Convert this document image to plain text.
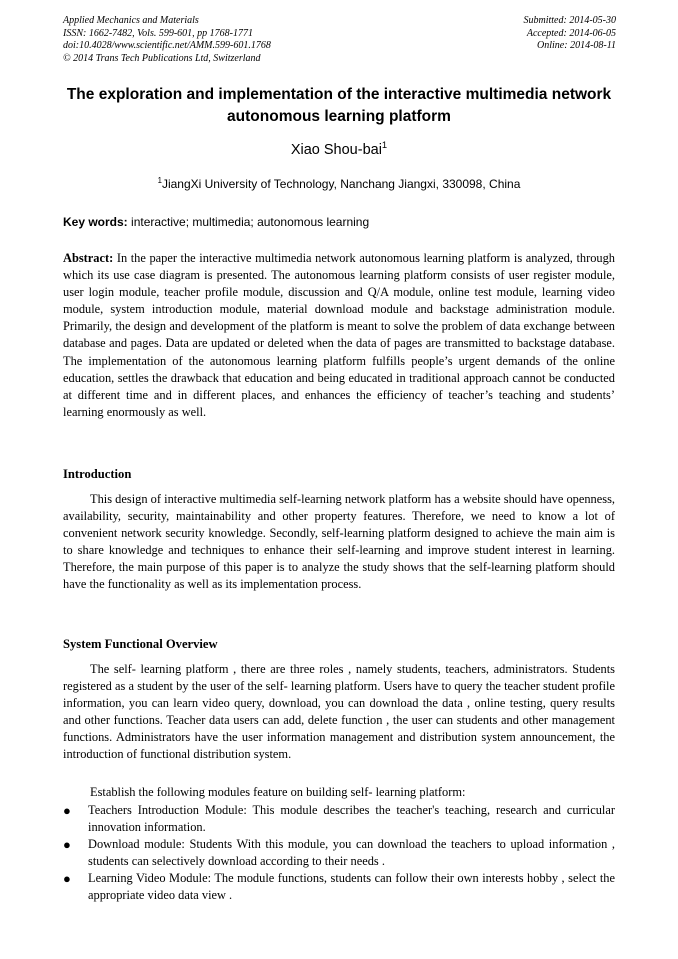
Applied Mechanics and Materials
ISSN: 1662-7482, Vols. 599-601, pp 1768-1771
doi:10.4028/www.scientific.net/AMM.599-601.1768
© 2014 Trans Tech Publications Ltd, Switzerland
Submitted: 2014-05-30
Accepted: 2014-06-05
Online: 2014-08-11
The exploration and implementation of the interactive multimedia network autonomous learning platform
Xiao Shou-bai$^1$
$^1$JiangXi University of Technology, Nanchang Jiangxi, 330098, China
Key words: interactive; multimedia; autonomous learning
Abstract: In the paper the interactive multimedia network autonomous learning platform is analyzed, through which its use case diagram is presented. The autonomous learning platform consists of user register module, user login module, teacher profile module, discussion and Q/A module, online test module, learning video module, system introduction module, material download module and backstage administration module. Primarily, the design and development of the platform is meant to solve the problem of data exchange between database and pages. Data are updated or deleted when the data of pages are transmitted to backstage database. The implementation of the autonomous learning platform fulfills people’s urgent demands of the online education, settles the drawback that education and being educated in traditional approach cannot be conducted at different time and in different places, and enhances the efficiency of teacher’s teaching and students’ learning enormously as well.
Introduction

This design of interactive multimedia self-learning network platform has a website should have openness, availability, security, maintainability and other property features. Therefore, we need to know a lot of convenient network security knowledge. Secondly, self-learning platform designed to achieve the main aim is to share knowledge and techniques to enhance their self-learning and improve student interest in learning. Therefore, the main purpose of this paper is to analyze the study shows that the self-learning platform should have the functionality as well as its implementation process.

System Functional Overview

The self- learning platform , there are three roles , namely students, teachers, administrators. Students registered as a student by the user of the self- learning platform. Users have to query the teacher student profile information, you can learn video query, download, you can download the data , online testing, query results and other functions. Teacher data users can add, delete function , the user can students and other management functions. Administrators have the user information management and distribution system announcement, the introduction of functional distribution system.

Establish the following modules feature on building self- learning platform:

● Teachers Introduction Module: This module describes the teacher's teaching, research and curricular innovation information.
● Download module: Students With this module, you can download the teachers to upload information , students can selectively download according to their needs .
● Learning Video Module: The module functions, students can follow their own interests hobby , select the appropriate video data view .
